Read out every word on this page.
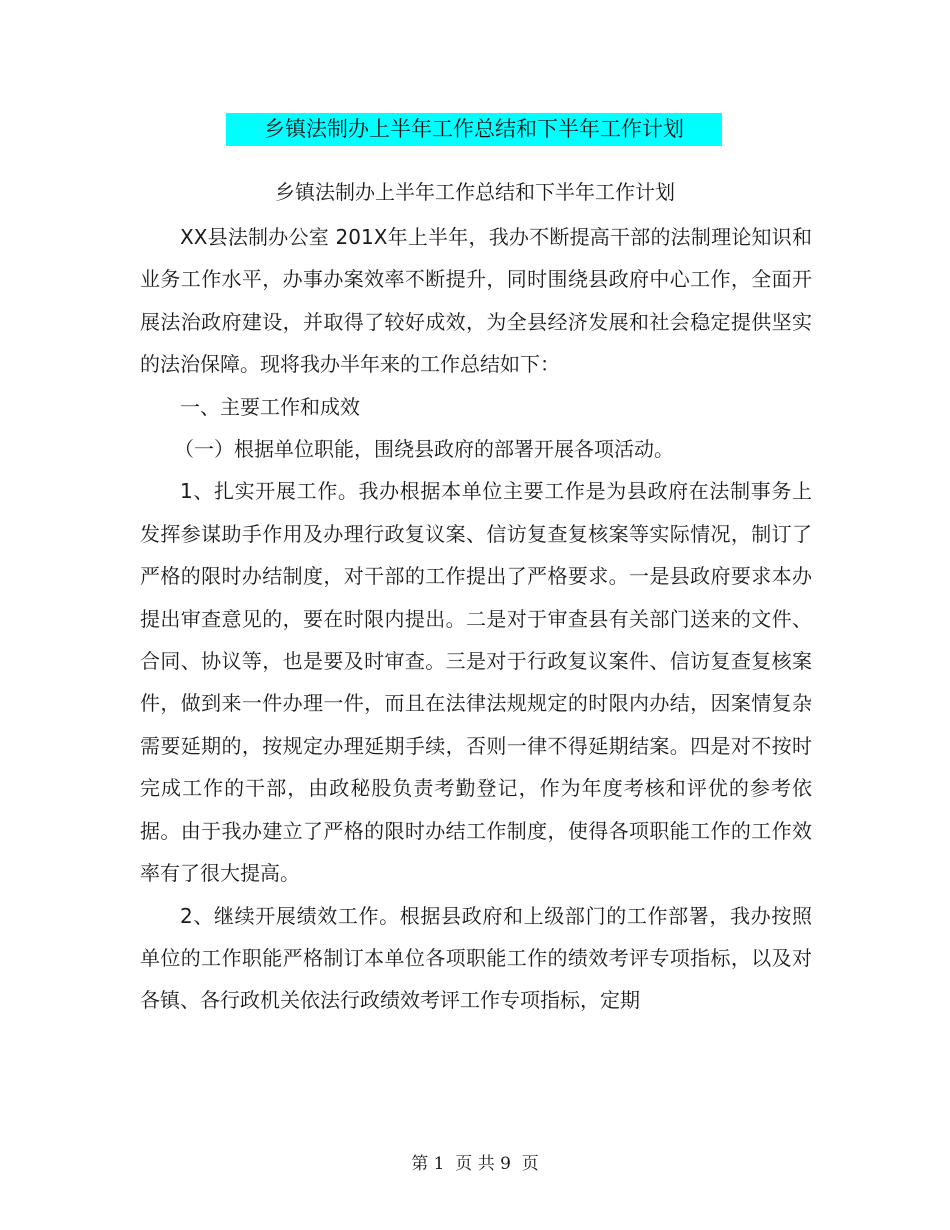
乡镇法制办上半年工作总结和下半年工作计划
乡镇法制办上半年工作总结和下半年工作计划

XX县法制办公室 201X年上半年，我办不断提高干部的法制理论知识和业务工作水平，办事办案效率不断提升，同时围绕县政府中心工作，全面开展法治政府建设，并取得了较好成效，为全县经济发展和社会稳定提供坚实的法治保障。现将我办半年来的工作总结如下：

一、主要工作和成效

（一）根据单位职能，围绕县政府的部署开展各项活动。

1、扎实开展工作。我办根据本单位主要工作是为县政府在法制事务上发挥参谋助手作用及办理行政复议案、信访复查复核案等实际情况，制订了严格的限时办结制度，对干部的工作提出了严格要求。一是县政府要求本办提出审查意见的，要在时限内提出。二是对于审查县有关部门送来的文件、合同、协议等，也是要及时审查。三是对于行政复议案件、信访复查复核案件，做到来一件办理一件，而且在法律法规规定的时限内办结，因案情复杂需要延期的，按规定办理延期手续，否则一律不得延期结案。四是对不按时完成工作的干部，由政秘股负责考勤登记，作为年度考核和评优的参考依据。由于我办建立了严格的限时办结工作制度，使得各项职能工作的工作效率有了很大提高。

2、继续开展绩效工作。根据县政府和上级部门的工作部署，我办按照单位的工作职能严格制订本单位各项职能工作的绩效考评专项指标，以及对各镇、各行政机关依法行政绩效考评工作专项指标，定期

第 1  页 共 9  页
